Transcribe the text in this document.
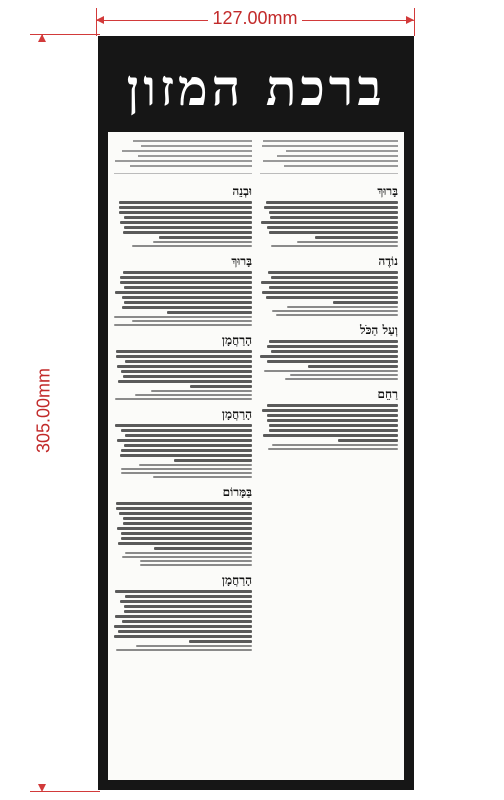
127.00mm
305.00mm
ברכת המזון
בָּרוּךְ
נוֹדֶה
וְעַל הַכֹּל
רַחֵם
וּבְנֵה
בָּרוּךְ
הָרַחֲמָן
הָרַחֲמָן
בַּמָּרוֹם
הָרַחֲמָן
